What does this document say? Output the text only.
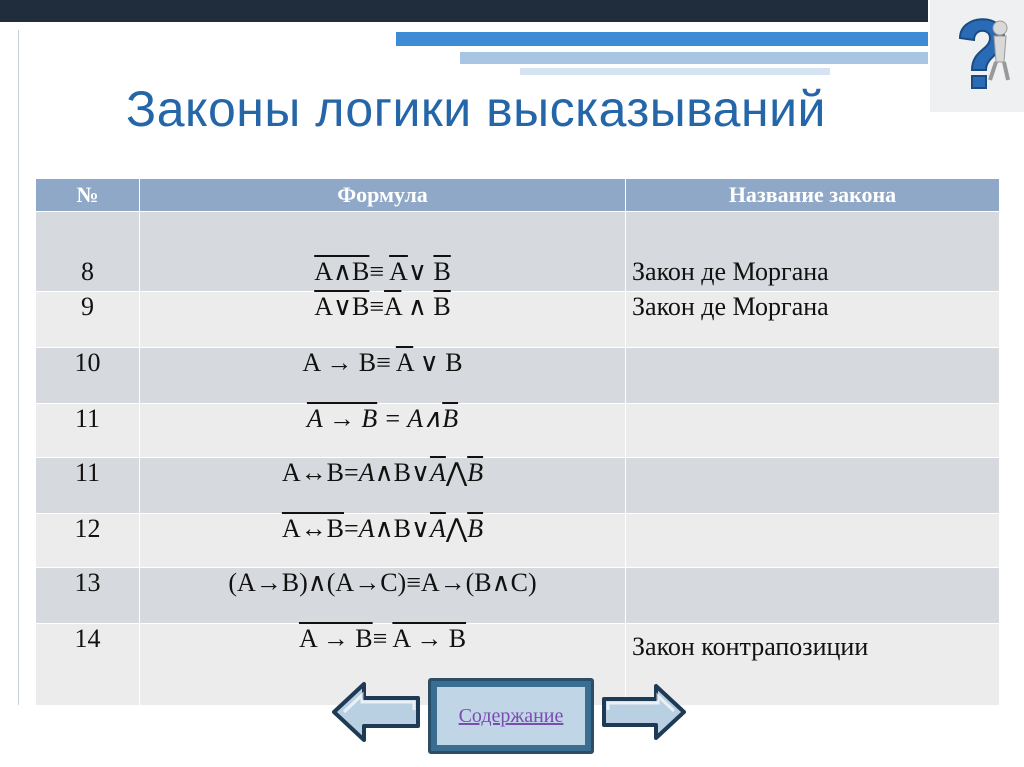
Законы логики высказываний
№	Формула	Название закона
8	A∧B≡ $\overline{A}\vee$ $\overline{B}$	Закон де Моргана
9	$A\vee B\equiv\overline{A}$ ∧ $\overline{B}$	Закон де Моргана
10	$A \to B\equiv \overline{A}$ ∨ B	
11	$A \to B = A\wedge\overline{B}$	
11	$A\leftrightarrow B=A\wedge B\vee\overline{A}⋀\overline{B}$	
12	$A\leftrightarrow B=A\wedge B\vee\overline{A}⋀\overline{B}$	
13	(A→B)∧(A→C)≡A→(B∧C)	
14	A → B≡ A → B	Закон контрапозиции
Содержание
